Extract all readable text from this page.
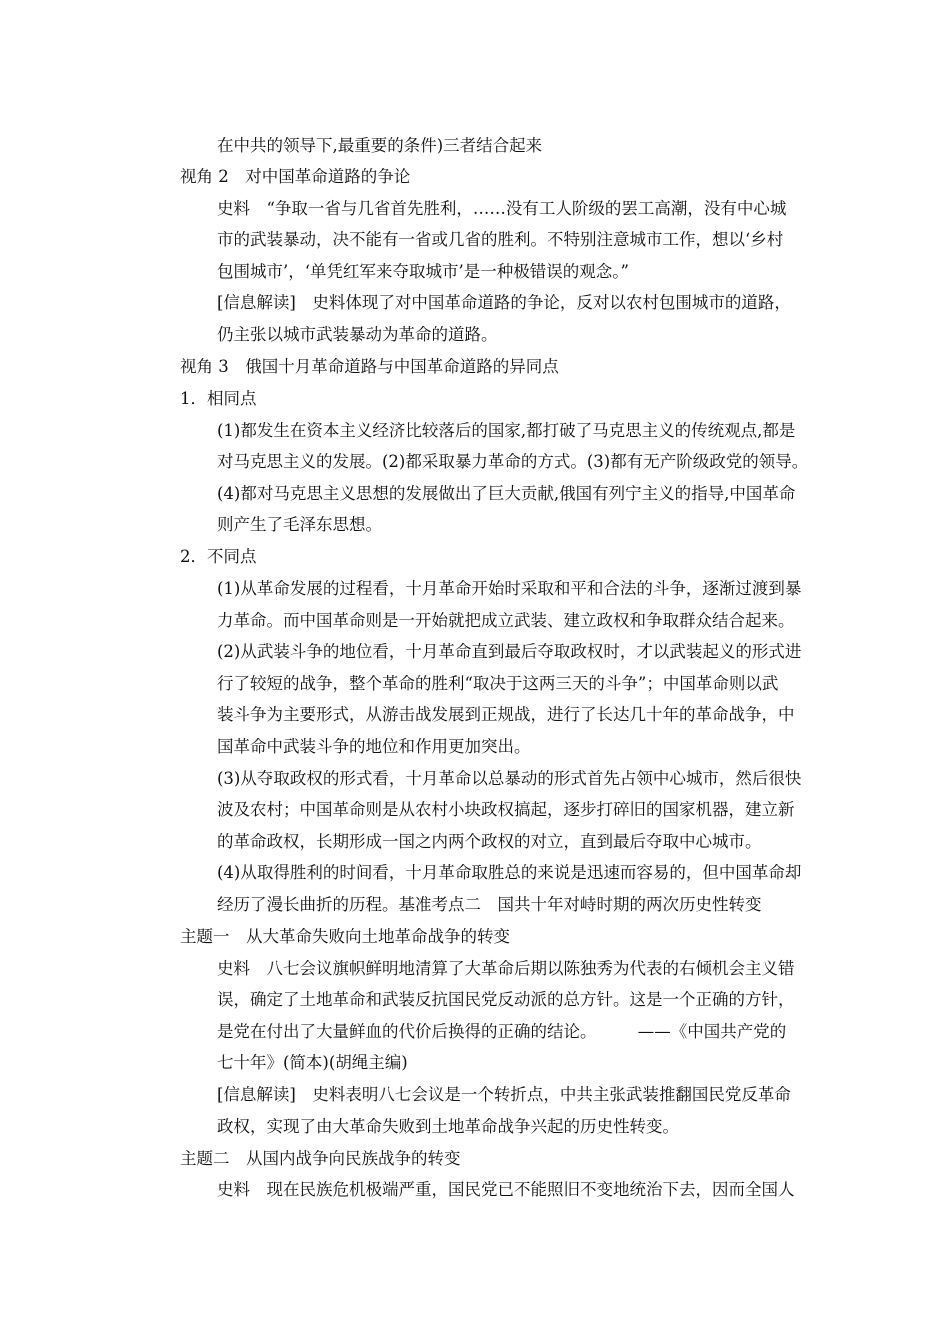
在中共的领导下,最重要的条件)三者结合起来
视角 2　对中国革命道路的争论
史料　“争取一省与几省首先胜利，……没有工人阶级的罢工高潮，没有中心城
市的武装暴动，决不能有一省或几省的胜利。不特别注意城市工作，想以‘乡村
包围城市’，‘单凭红军来夺取城市’是一种极错误的观念。”
[信息解读]　史料体现了对中国革命道路的争论，反对以农村包围城市的道路，
仍主张以城市武装暴动为革命的道路。
视角 3　俄国十月革命道路与中国革命道路的异同点
1．相同点
(1)都发生在资本主义经济比较落后的国家,都打破了马克思主义的传统观点,都是
对马克思主义的发展。(2)都采取暴力革命的方式。(3)都有无产阶级政党的领导。
(4)都对马克思主义思想的发展做出了巨大贡献,俄国有列宁主义的指导,中国革命
则产生了毛泽东思想。
2．不同点
(1)从革命发展的过程看，十月革命开始时采取和平和合法的斗争，逐渐过渡到暴
力革命。而中国革命则是一开始就把成立武装、建立政权和争取群众结合起来。
(2)从武装斗争的地位看，十月革命直到最后夺取政权时，才以武装起义的形式进
行了较短的战争，整个革命的胜利“取决于这两三天的斗争”；中国革命则以武
装斗争为主要形式，从游击战发展到正规战，进行了长达几十年的革命战争，中
国革命中武装斗争的地位和作用更加突出。
(3)从夺取政权的形式看，十月革命以总暴动的形式首先占领中心城市，然后很快
波及农村；中国革命则是从农村小块政权搞起，逐步打碎旧的国家机器，建立新
的革命政权，长期形成一国之内两个政权的对立，直到最后夺取中心城市。
(4)从取得胜利的时间看，十月革命取胜总的来说是迅速而容易的，但中国革命却
经历了漫长曲折的历程。基准考点二　国共十年对峙时期的两次历史性转变
主题一　从大革命失败向土地革命战争的转变
史料　八七会议旗帜鲜明地清算了大革命后期以陈独秀为代表的右倾机会主义错
误，确定了土地革命和武装反抗国民党反动派的总方针。这是一个正确的方针，
是党在付出了大量鲜血的代价后换得的正确的结论。　　　——《中国共产党的
七十年》(简本)(胡绳主编)
[信息解读]　史料表明八七会议是一个转折点，中共主张武装推翻国民党反革命
政权，实现了由大革命失败到土地革命战争兴起的历史性转变。
主题二　从国内战争向民族战争的转变
史料　现在民族危机极端严重，国民党已不能照旧不变地统治下去，因而全国人
